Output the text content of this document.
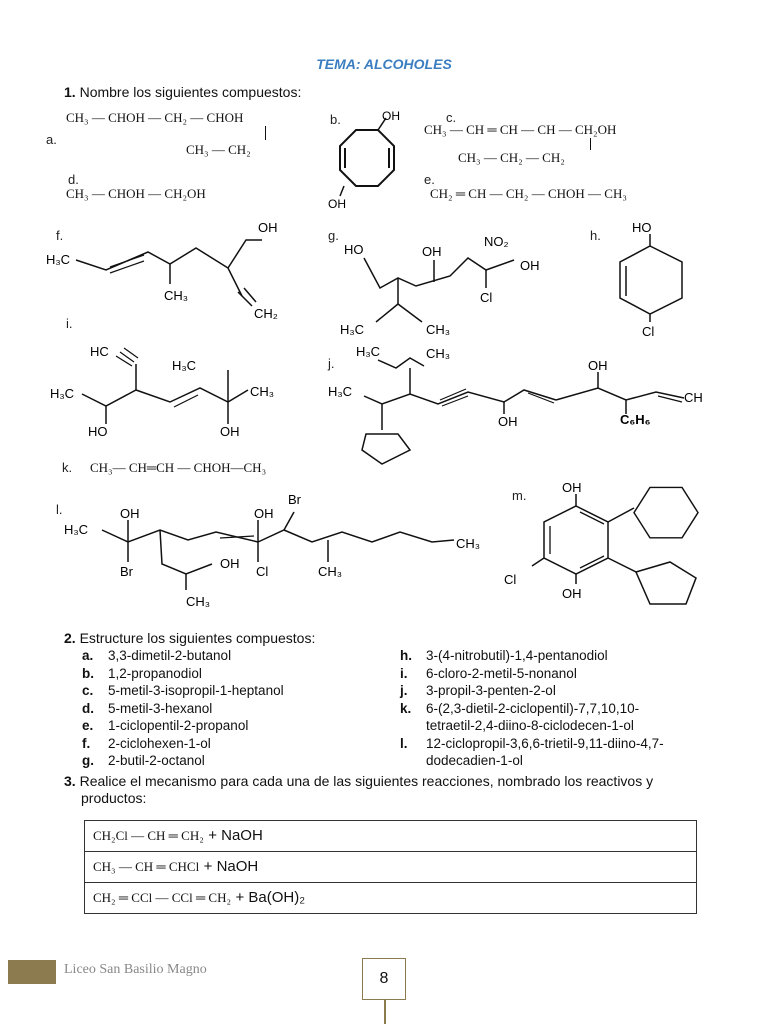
TEMA: ALCOHOLES
1. Nombre los siguientes compuestos:
a.
CH₃ — CHOH — CH₂ — CHOH
CH₃ — CH₂
b.	OH
OH
c.
CH₃ — CH ═ CH — CH — CH₂OH
CH₃ — CH₂ — CH₂
d.
CH₃ — CHOH — CH₂OH
e.
CH₂ ═ CH — CH₂ — CHOH — CH₃
f.
OH
H₃C
CH₃
CH₂
g.
HO	OH
NO₂
OH
Cl
H₃C	CH₃
h.
HO
Cl
i.
HC
H₃C
H₃C	CH₃
HO	OH
j.
H₃C	CH₃
H₃C
OH
OH	C₆H₆
CH
k. CH₃— CH═CH — CHOH—CH₃
l.
H₃C
OH
Br
OH
Br
Cl
OH
CH₃
CH₃
CH₃
m.
OH
OH
Cl
2. Estructure los siguientes compuestos:
a.	3,3-dimetil-2-butanol
b.	1,2-propanodiol
c.	5-metil-3-isopropil-1-heptanol
d.	5-metil-3-hexanol
e.	1-ciclopentil-2-propanol
f.	2-ciclohexen-1-ol
g.	2-butil-2-octanol
h.	3-(4-nitrobutil)-1,4-pentanodiol
i.	6-cloro-2-metil-5-nonanol
j.	3-propil-3-penten-2-ol
k.	6-(2,3-dietil-2-ciclopentil)-7,7,10,10-
tetraetil-2,4-diino-8-ciclodecen-1-ol
l.	12-ciclopropil-3,6,6-trietil-9,11-diino-4,7-
dodecadien-1-ol
3. Realice el mecanismo para cada una de las siguientes reacciones, nombrado los reactivos y
productos:
CH₂Cl — CH ═ CH₂ + NaOH
CH₃ — CH ═ CHCl + NaOH
CH₂ ═ CCl — CCl ═ CH₂ + Ba(OH)₂
Liceo San Basilio Magno
8
